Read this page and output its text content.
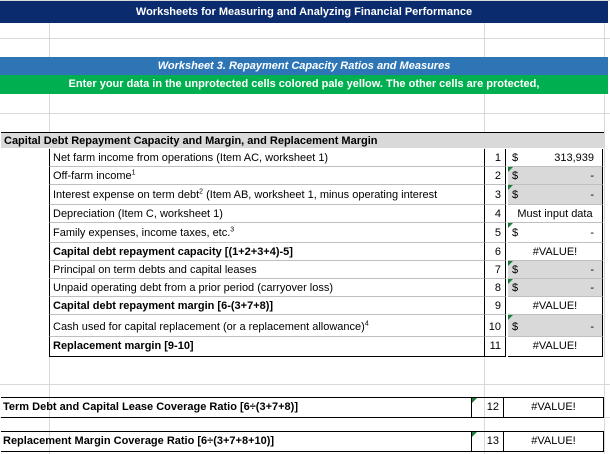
Worksheets for Measuring and Analyzing Financial Performance
Worksheet 3. Repayment Capacity Ratios and Measures
Enter your data in the unprotected cells colored pale yellow. The other cells are protected,
Capital Debt Repayment Capacity and Margin, and Replacement Margin
Net farm income from operations (Item AC, worksheet 1)	1	$	313,939
Off-farm income$^1$	2	$	-
Interest expense on term debt$^2$ (Item AB, worksheet 1, minus operating interest	3	$	-
Depreciation (Item C, worksheet 1)	4	Must input data
Family expenses, income taxes, etc.$^3$	5	$	-
Capital debt repayment capacity [(1+2+3+4)-5]	6	#VALUE!
Principal on term debts and capital leases	7	$	-
Unpaid operating debt from a prior period (carryover loss)	8	$	-
Capital debt repayment margin [6-(3+7+8)]	9	#VALUE!
Cash used for capital replacement (or a replacement allowance)$^4$	10	$	-
Replacement margin [9-10]	11	#VALUE!
Term Debt and Capital Lease Coverage Ratio [6÷(3+7+8)]	12	#VALUE!
Replacement Margin Coverage Ratio [6÷(3+7+8+10)]	13	#VALUE!
